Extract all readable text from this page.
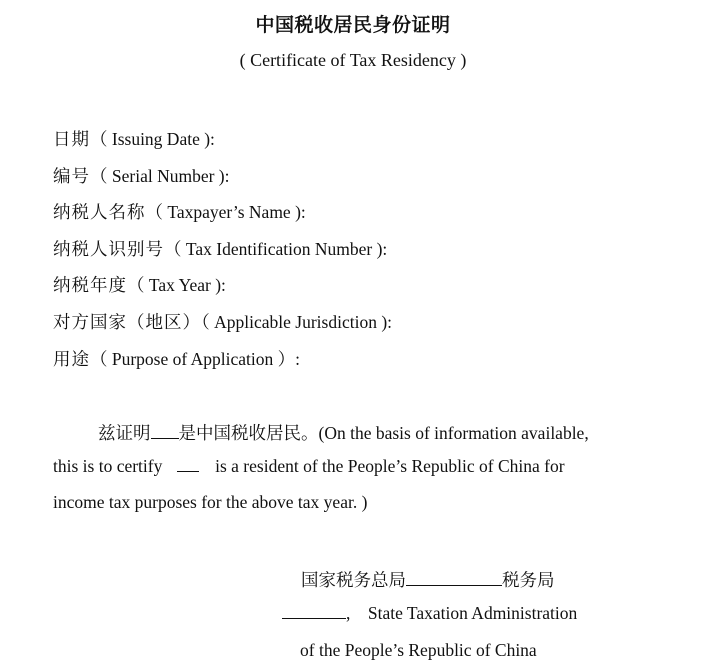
中国税收居民身份证明
( Certificate of Tax Residency )
日期（ Issuing Date ):
编号（ Serial Number ):
纳税人名称（ Taxpayer’s Name ):
纳税人识别号（ Tax Identification Number ):
纳税年度（ Tax Year ):
对方国家（地区）（ Applicable Jurisdiction ):
用途（ Purpose of Application ）:
兹证明 是中国税收居民。(On the basis of information available,
this is to certify	is a resident of the People’s Republic of China for
income tax purposes for the above tax year. )
国家税务总局	税务局
,    State Taxation Administration
of the People’s Republic of China
